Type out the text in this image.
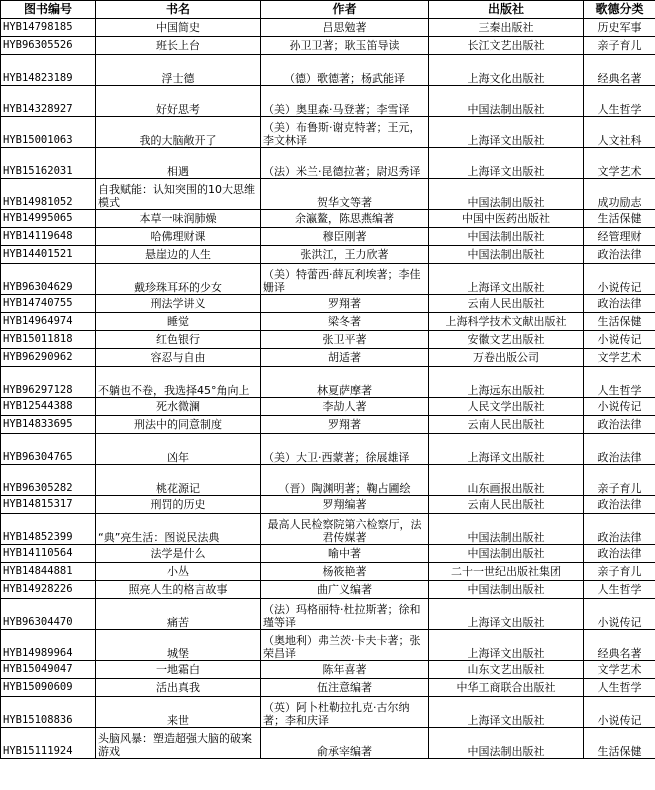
图书编号	书名	作者	出版社	歌德分类
HYB14798185	中国简史	吕思勉著	三秦出版社	历史军事
HYB96305526	班长上台	孙卫卫著；耿玉笛导读	长江文艺出版社	亲子育儿
HYB14823189	浮士德	（德）歌德著；杨武能译	上海文化出版社	经典名著
HYB14328927	好好思考	（美）奥里森·马登著；李雪译	中国法制出版社	人生哲学
HYB15001063	我的大脑敞开了	（美）布鲁斯·谢克特著；王元，李文林译	上海译文出版社	人文社科
HYB15162031	相遇	（法）米兰·昆德拉著；尉迟秀译	上海译文出版社	文学艺术
HYB14981052	自我赋能：认知突围的10大思维模式	贺华文等著	中国法制出版社	成功励志
HYB14995065	本草一味润肺燥	余瀛鳌，陈思燕编著	中国中医药出版社	生活保健
HYB14119648	哈佛理财课	穆臣刚著	中国法制出版社	经管理财
HYB14401521	悬崖边的人生	张洪江，王力欣著	中国法制出版社	政治法律
HYB96304629	戴珍珠耳环的少女	（美）特蕾西·薛瓦利埃著；李佳姗译	上海译文出版社	小说传记
HYB14740755	刑法学讲义	罗翔著	云南人民出版社	政治法律
HYB14964974	睡觉	梁冬著	上海科学技术文献出版社	生活保健
HYB15011818	红色银行	张卫平著	安徽文艺出版社	小说传记
HYB96290962	容忍与自由	胡适著	万卷出版公司	文学艺术
HYB96297128	不躺也不卷，我选择45°角向上	林夏萨摩著	上海远东出版社	人生哲学
HYB12544388	死水微澜	李劼人著	人民文学出版社	小说传记
HYB14833695	刑法中的同意制度	罗翔著	云南人民出版社	政治法律
HYB96304765	凶年	（美）大卫·西蒙著；徐展雄译	上海译文出版社	政治法律
HYB96305282	桃花源记	（晋）陶渊明著；鞠占圃绘	山东画报出版社	亲子育儿
HYB14815317	刑罚的历史	罗翔编著	云南人民出版社	政治法律
HYB14852399	“典”亮生活：图说民法典	最高人民检察院第六检察厅，法君传媒著	中国法制出版社	政治法律
HYB14110564	法学是什么	喻中著	中国法制出版社	政治法律
HYB14844881	小丛	杨筱艳著	二十一世纪出版社集团	亲子育儿
HYB14928226	照亮人生的格言故事	曲广义编著	中国法制出版社	人生哲学
HYB96304470	痛苦	（法）玛格丽特·杜拉斯著；徐和瑾等译	上海译文出版社	小说传记
HYB14989964	城堡	（奥地利）弗兰茨·卡夫卡著；张荣昌译	上海译文出版社	经典名著
HYB15049047	一地霜白	陈年喜著	山东文艺出版社	文学艺术
HYB15090609	活出真我	伍注意编著	中华工商联合出版社	人生哲学
HYB15108836	来世	（英）阿卜杜勒拉扎克·古尔纳著；李和庆译	上海译文出版社	小说传记
HYB15111924	头脑风暴：塑造超强大脑的破案游戏	俞承宰编著	中国法制出版社	生活保健
